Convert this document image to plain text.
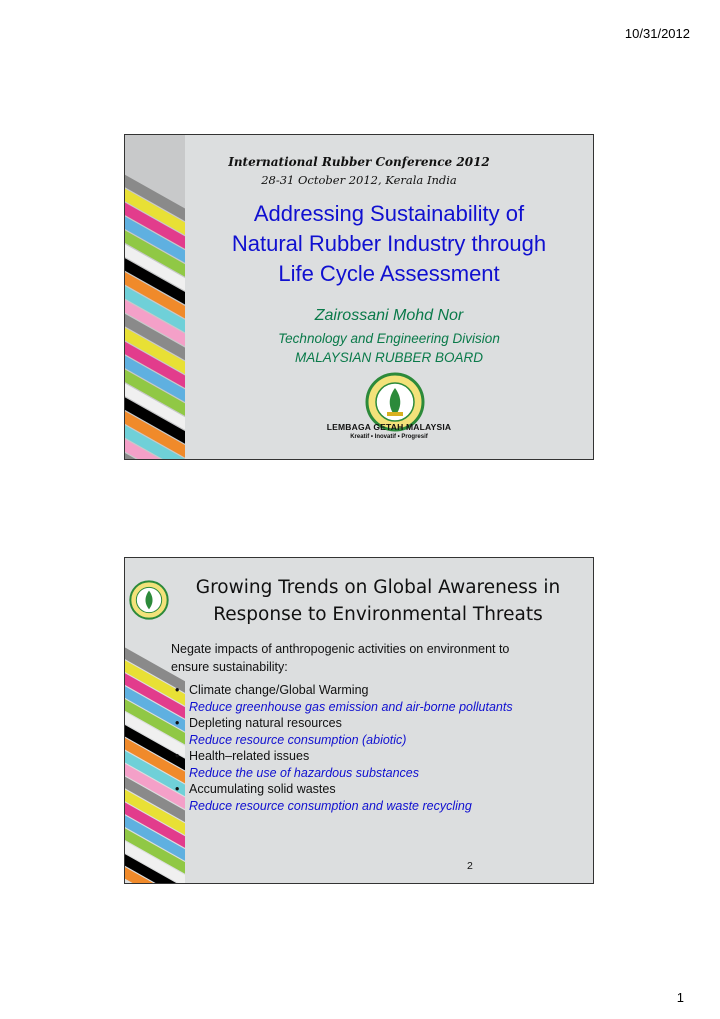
10/31/2012
International Rubber Conference 2012
28-31 October 2012, Kerala India
Addressing Sustainability of
Natural Rubber Industry through
Life Cycle Assessment
Zairossani Mohd Nor
Technology and Engineering Division
MALAYSIAN RUBBER BOARD
LEMBAGA GETAH MALAYSIA
Kreatif • Inovatif • Progresif
Growing Trends on Global Awareness in
Response to Environmental Threats
Negate impacts of anthropogenic activities on environment to
ensure sustainability:
• Climate change/Global Warming
Reduce greenhouse gas emission and air-borne pollutants
• Depleting natural resources
Reduce resource consumption (abiotic)
• Health–related issues
Reduce the use of hazardous substances
• Accumulating solid wastes
Reduce resource consumption and waste recycling
2
1
